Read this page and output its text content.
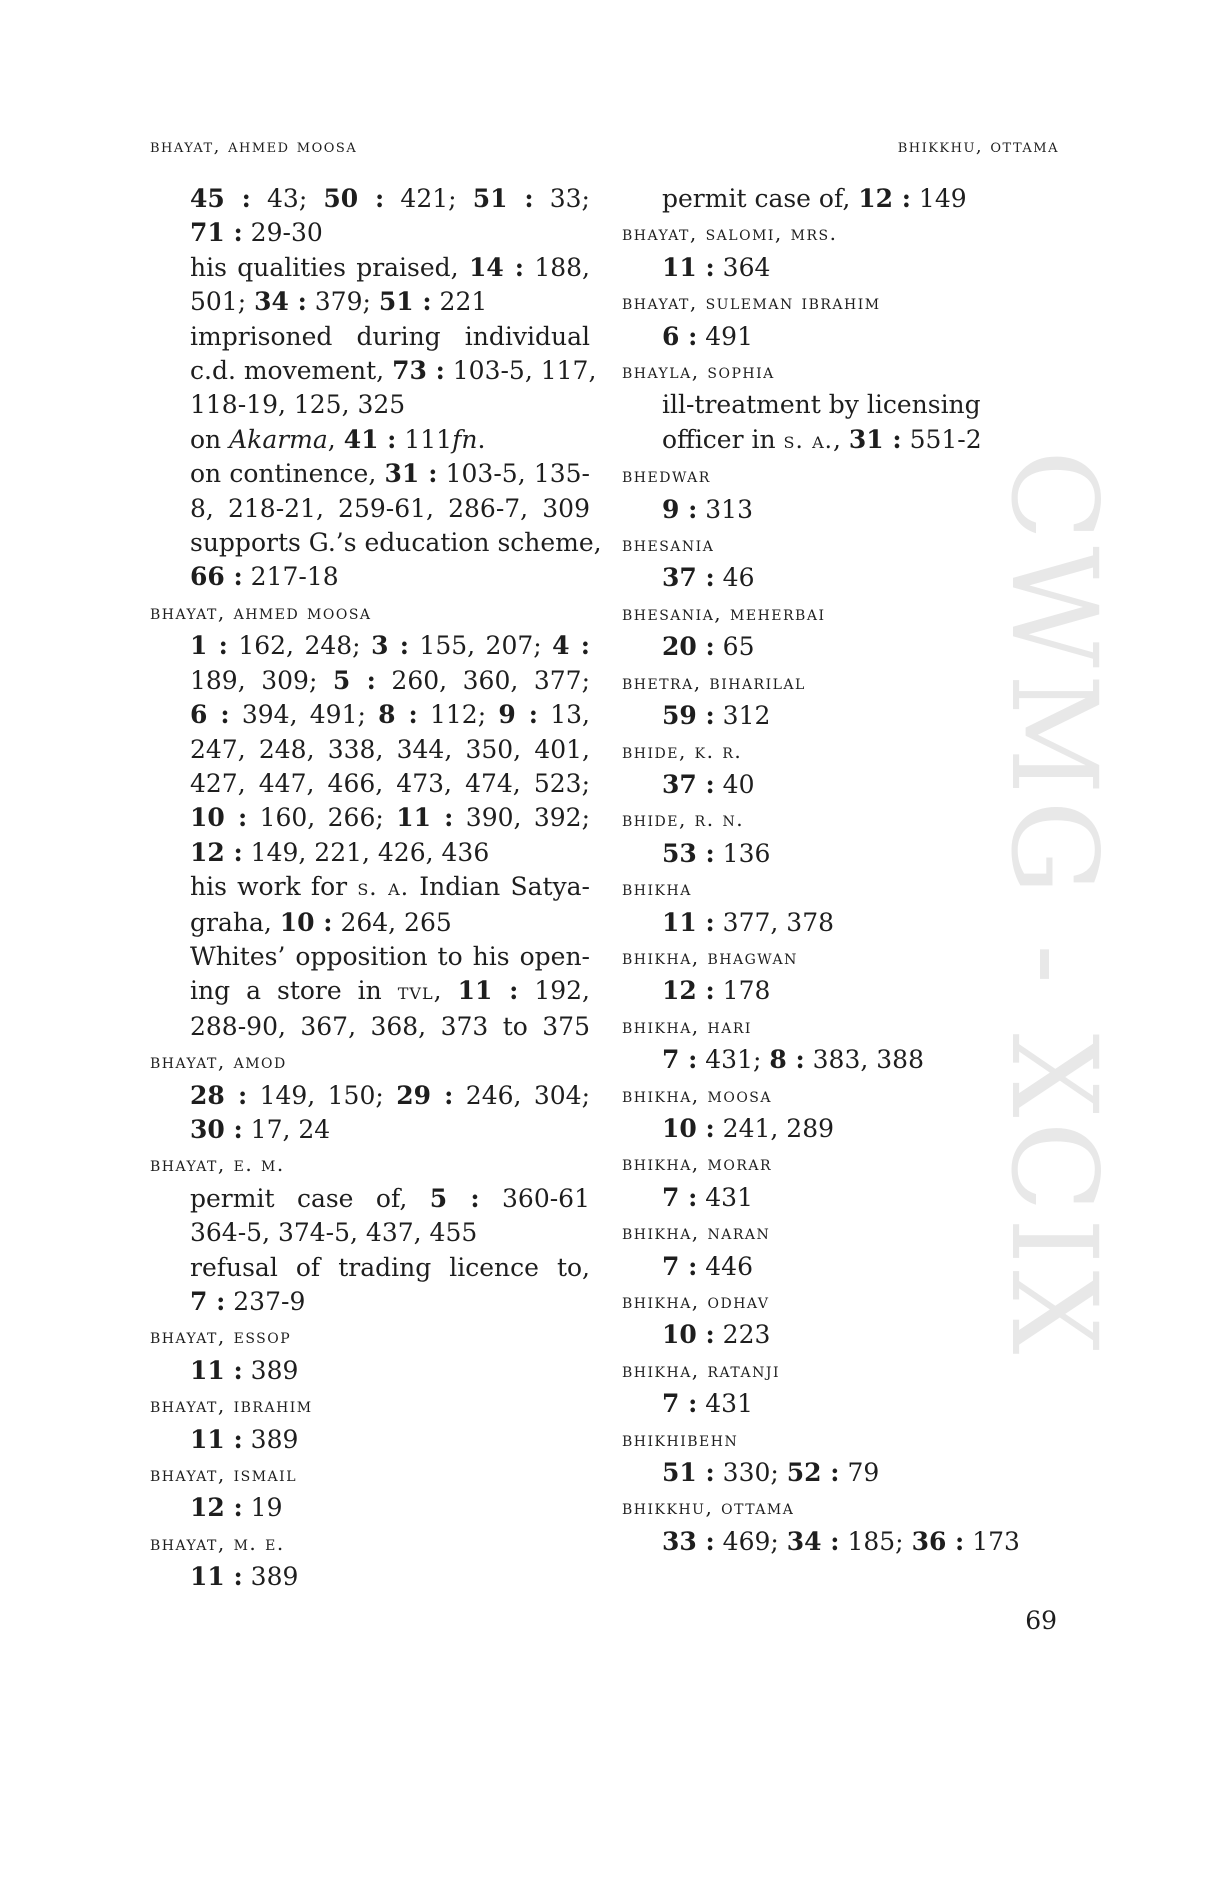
bhayat, ahmed moosa	bhikkhu, ottama
45 : 43; 50 : 421; 51 : 33;
71 : 29-30
his qualities praised, 14 : 188,
501; 34 : 379; 51 : 221
imprisoned during individual
c.d. movement, 73 : 103-5, 117,
118-19, 125, 325
on Akarma, 41 : 111fn.
on continence, 31 : 103-5, 135-
8, 218-21, 259-61, 286-7, 309
supports G.’s education scheme,
66 : 217-18
bhayat, ahmed moosa
1 : 162, 248; 3 : 155, 207; 4 :
189, 309; 5 : 260, 360, 377;
6 : 394, 491; 8 : 112; 9 : 13,
247, 248, 338, 344, 350, 401,
427, 447, 466, 473, 474, 523;
10 : 160, 266; 11 : 390, 392;
12 : 149, 221, 426, 436
his work for s. a. Indian Satya-
graha, 10 : 264, 265
Whites’ opposition to his open-
ing a store in tvl, 11 : 192,
288-90, 367, 368, 373 to 375
bhayat, amod
28 : 149, 150; 29 : 246, 304;
30 : 17, 24
bhayat, e. m.
permit case of, 5 : 360-61
364-5, 374-5, 437, 455
refusal of trading licence to,
7 : 237-9
bhayat, essop
11 : 389
bhayat, ibrahim
11 : 389
bhayat, ismail
12 : 19
bhayat, m. e.
11 : 389
permit case of, 12 : 149
bhayat, salomi, mrs.
11 : 364
bhayat, suleman ibrahim
6 : 491
bhayla, sophia
ill-treatment by licensing
officer in s. a., 31 : 551-2
bhedwar
9 : 313
bhesania
37 : 46
bhesania, meherbai
20 : 65
bhetra, biharilal
59 : 312
bhide, k. r.
37 : 40
bhide, r. n.
53 : 136
bhikha
11 : 377, 378
bhikha, bhagwan
12 : 178
bhikha, hari
7 : 431; 8 : 383, 388
bhikha, moosa
10 : 241, 289
bhikha, morar
7 : 431
bhikha, naran
7 : 446
bhikha, odhav
10 : 223
bhikha, ratanji
7 : 431
bhikhibehn
51 : 330; 52 : 79
bhikkhu, ottama
33 : 469; 34 : 185; 36 : 173
CWMG - XCIX
69
